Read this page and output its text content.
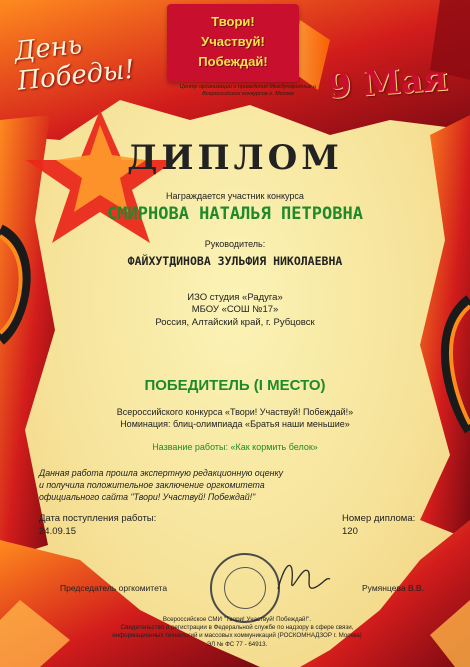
Твори!
Участвуй!
Побеждай!
День Победы!	9 Мая
Центр организации и проведения Международных и Всероссийских конкурсов г. Москва
ДИПЛОМ
Награждается участник конкурса
СМИРНОВА НАТАЛЬЯ ПЕТРОВНА
Руководитель:
ФАЙХУТДИНОВА ЗУЛЬФИЯ НИКОЛАЕВНА
ИЗО студия «Радуга»
МБОУ «СОШ №17»
Россия, Алтайский край, г. Рубцовск
ПОБЕДИТЕЛЬ (I МЕСТО)
Всероссийского конкурса «Твори! Участвуй! Побеждай!»
Номинация: блиц-олимпиада «Братья наши меньшие»
Название работы: «Как кормить белок»
Данная работа прошла экспертную редакционную оценку
и получила положительное заключение оргкомитета
официального сайта "Твори! Участвуй! Побеждай!"
Дата поступления работы:
24.09.15
Номер диплома:
120
Председатель оргкомитета	Румянцева В.В.
Всероссийское СМИ "Твори! Участвуй! Побеждай!".
Свидетельство о регистрации в Федеральной службе по надзору в сфере связи,
информационных технологий и массовых коммуникаций (РОСКОМНАДЗОР г. Москва)
ЭЛ № ФС 77 - 64913.
